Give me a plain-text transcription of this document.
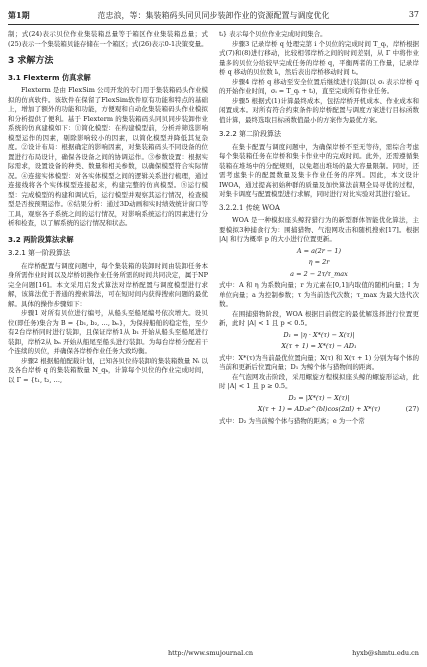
第1期	范忠浪，等：集装箱码头同贝同步装卸作业的资源配置与调度优化	37

制；式(24)表示贝位作业集装箱总量等于箱区作业集装箱总量；式(25)表示一个集装箱贝能存储在一个箱区；式(26)表示0-1决策变量。

3 求解方法
3.1 Flexterm 仿真求解

Flexterm 是由 FlexSim 公司开发的专门用于集装箱码头作业模拟的仿真软件。该软件在保留了FlexSim软件原有功能和特点的基础上，增加了额外的功能和功能，方便观和自动化集装箱码头作业模拟和分析提供了便利。基于 Flexterm 的集装箱码头同贝同步装卸作业系统的仿真建模如下：①简化模型：在构建模型前，分析并筛选影响模型运作的因素，剔除影响较小的因素，以简化模型并降低其复杂度。②设计布局：根据确定的影响因素，对集装箱码头不同设备的位置进行布局设计，确保各设备之间的协调运作。③参数设置：根据实际需求，设置设备的种类、数量和相关参数，以确保模型符合实际情况。④连接实体模型：对各实体模型之间的逻辑关系进行梳理，通过连接线将各个实体模型连接起来，构建完整的仿真模型。⑤运行模型：完成模型的构建和调试后，运行模型并观察其运行情况，检查模型是否按预期运作。⑥结果分析：通过3D动画和实时绩效统计窗口等工具，观察各子系统之间的运行情况，对影响系统运行的因素进行分析和检查，以了解系统的运行情况和状态。

3.2 两阶段算法求解
3.2.1 第一阶段算法

在岸桥配置与调度问题中，每个集装箱的装卸时间由装卸任务本身所需作业时间以及岸桥切换作业任务所需的时间共同决定，属于NP完全问题[16]。本文采用启发式算法对岸桥配置与调度模型进行求解，该算法优于普通的搜索算法，可在短时间内获得搜索问题的最优解。具体的操作步骤如下：

步骤1 对所有贝位进行编号，从船头至船尾编号依次增大。设贝位(即任务)集合为 B = {b₁, b₂, …, bₙ}，为保持船舶的稳定性，至少有2台岸桥同时进行装卸，且保证岸桥1从 b₁ 开始从船头至船尾进行装卸，岸桥2从 bₙ 开始从船尾至船头进行装卸。为每台岸桥分配若干个连续的贝位，并确保各岸桥作业任务大致均衡。

步骤2 根据船舶配载计划，已知各贝位待装卸的集装箱数量 Nᵢ 以及各台岸桥 q 的集装箱数量 N_qₖ，计算每个贝位的作业完成时间，以 Γ = {t₁, t₂, …,

tᵢ} 表示每个贝位作业完成时间集合。

步骤3 记录岸桥 q 处理完第 i 个贝位的完成时间 T_qᵢ，岸桥根据式(7)和(8)进行移动，比较相邻岸桥之间的时间差别，从 Γ 中将作业量多的贝位分给较早完成任务的岸桥 q，平衡两者的工作量，记录岸桥 q 移动的贝位数 lᵢ，然后表出岸桥移动时间 tᵢ。

步骤4 岸桥 q 移动至安全位置后继续进行装卸(以 σᵢ 表示岸桥 q 的开始作业时间，σᵢ = T_qᵢ + tᵢ)，直至完成所有作业任务。

步骤5 根据式(1)计算最终成本，包括岸桥开机成本、作业成本和闲置成本。对所有符合约束条件的岸桥配置与调度方案进行目标函数值计算，最终选取目标函数值最小的方案作为最优方案。

3.2.2 第二阶段算法

在集卡配置与调度问题中，为确保岸桥不至无等待，需综合考虑每个集装箱任务在岸桥和集卡作业中的完成时间。此外，还需遵循集装箱在堆场中的分配规则，以免超出堆场的最大容量限制。同时，还需考虑集卡的配置数量及集卡作业任务的序列。因此，本文设计 IWOA，通过提高初始种群的质量及加快算法前期全局寻优的过程，对集卡调度与配置模型进行求解，同时进行对比实验对其进行验证。

3.2.2.1 传统 WOA

WOA 是一种模拟座头鲸狩猎行为的新型群体智能优化算法，主要模拟3种捕食行为：围捕猎物、气泡网攻击和随机搜索[17]。根据 |A| 和行为概率 p 的大小进行位置更新。

A = a(2r − 1)
η = 2r
a = 2 − 2τ/τ_max

式中：A 和 η 为系数向量；r 为元素在[0,1]内取值的随机向量；I 为单位向量；a 为控制参数；τ 为当前迭代次数；τ_max 为最大迭代次数。

在围捕猎物阶段，WOA 根据目前假定的最优解选择进行位置更新，此时 |A| < 1 且 p < 0.5。

D₁ = |η · X*(τ) − X(τ)|
X(τ + 1) = X*(τ) − AD₁

式中：X*(τ)为当前最优位置向量；X(τ) 和 X(τ + 1) 分别为每个体的当前和更新后位置向量；D₁ 为鲸个体与猎物间的距离。

在气泡网攻击阶段，采用螺旋方程模拟座头鲸的螺旋形运动，此时 |A| < 1 且 p ≥ 0.5。

D₂ = |X*(τ) − X(τ)|
X(τ + 1) = AD₂e^(bl)cos(2πl) + X*(τ)	(27)

式中：D₂ 为当前鲸个体与猎物的距离；e 为一个常

http://www.smujournal.cn	hyxb@shmtu.edu.cn
